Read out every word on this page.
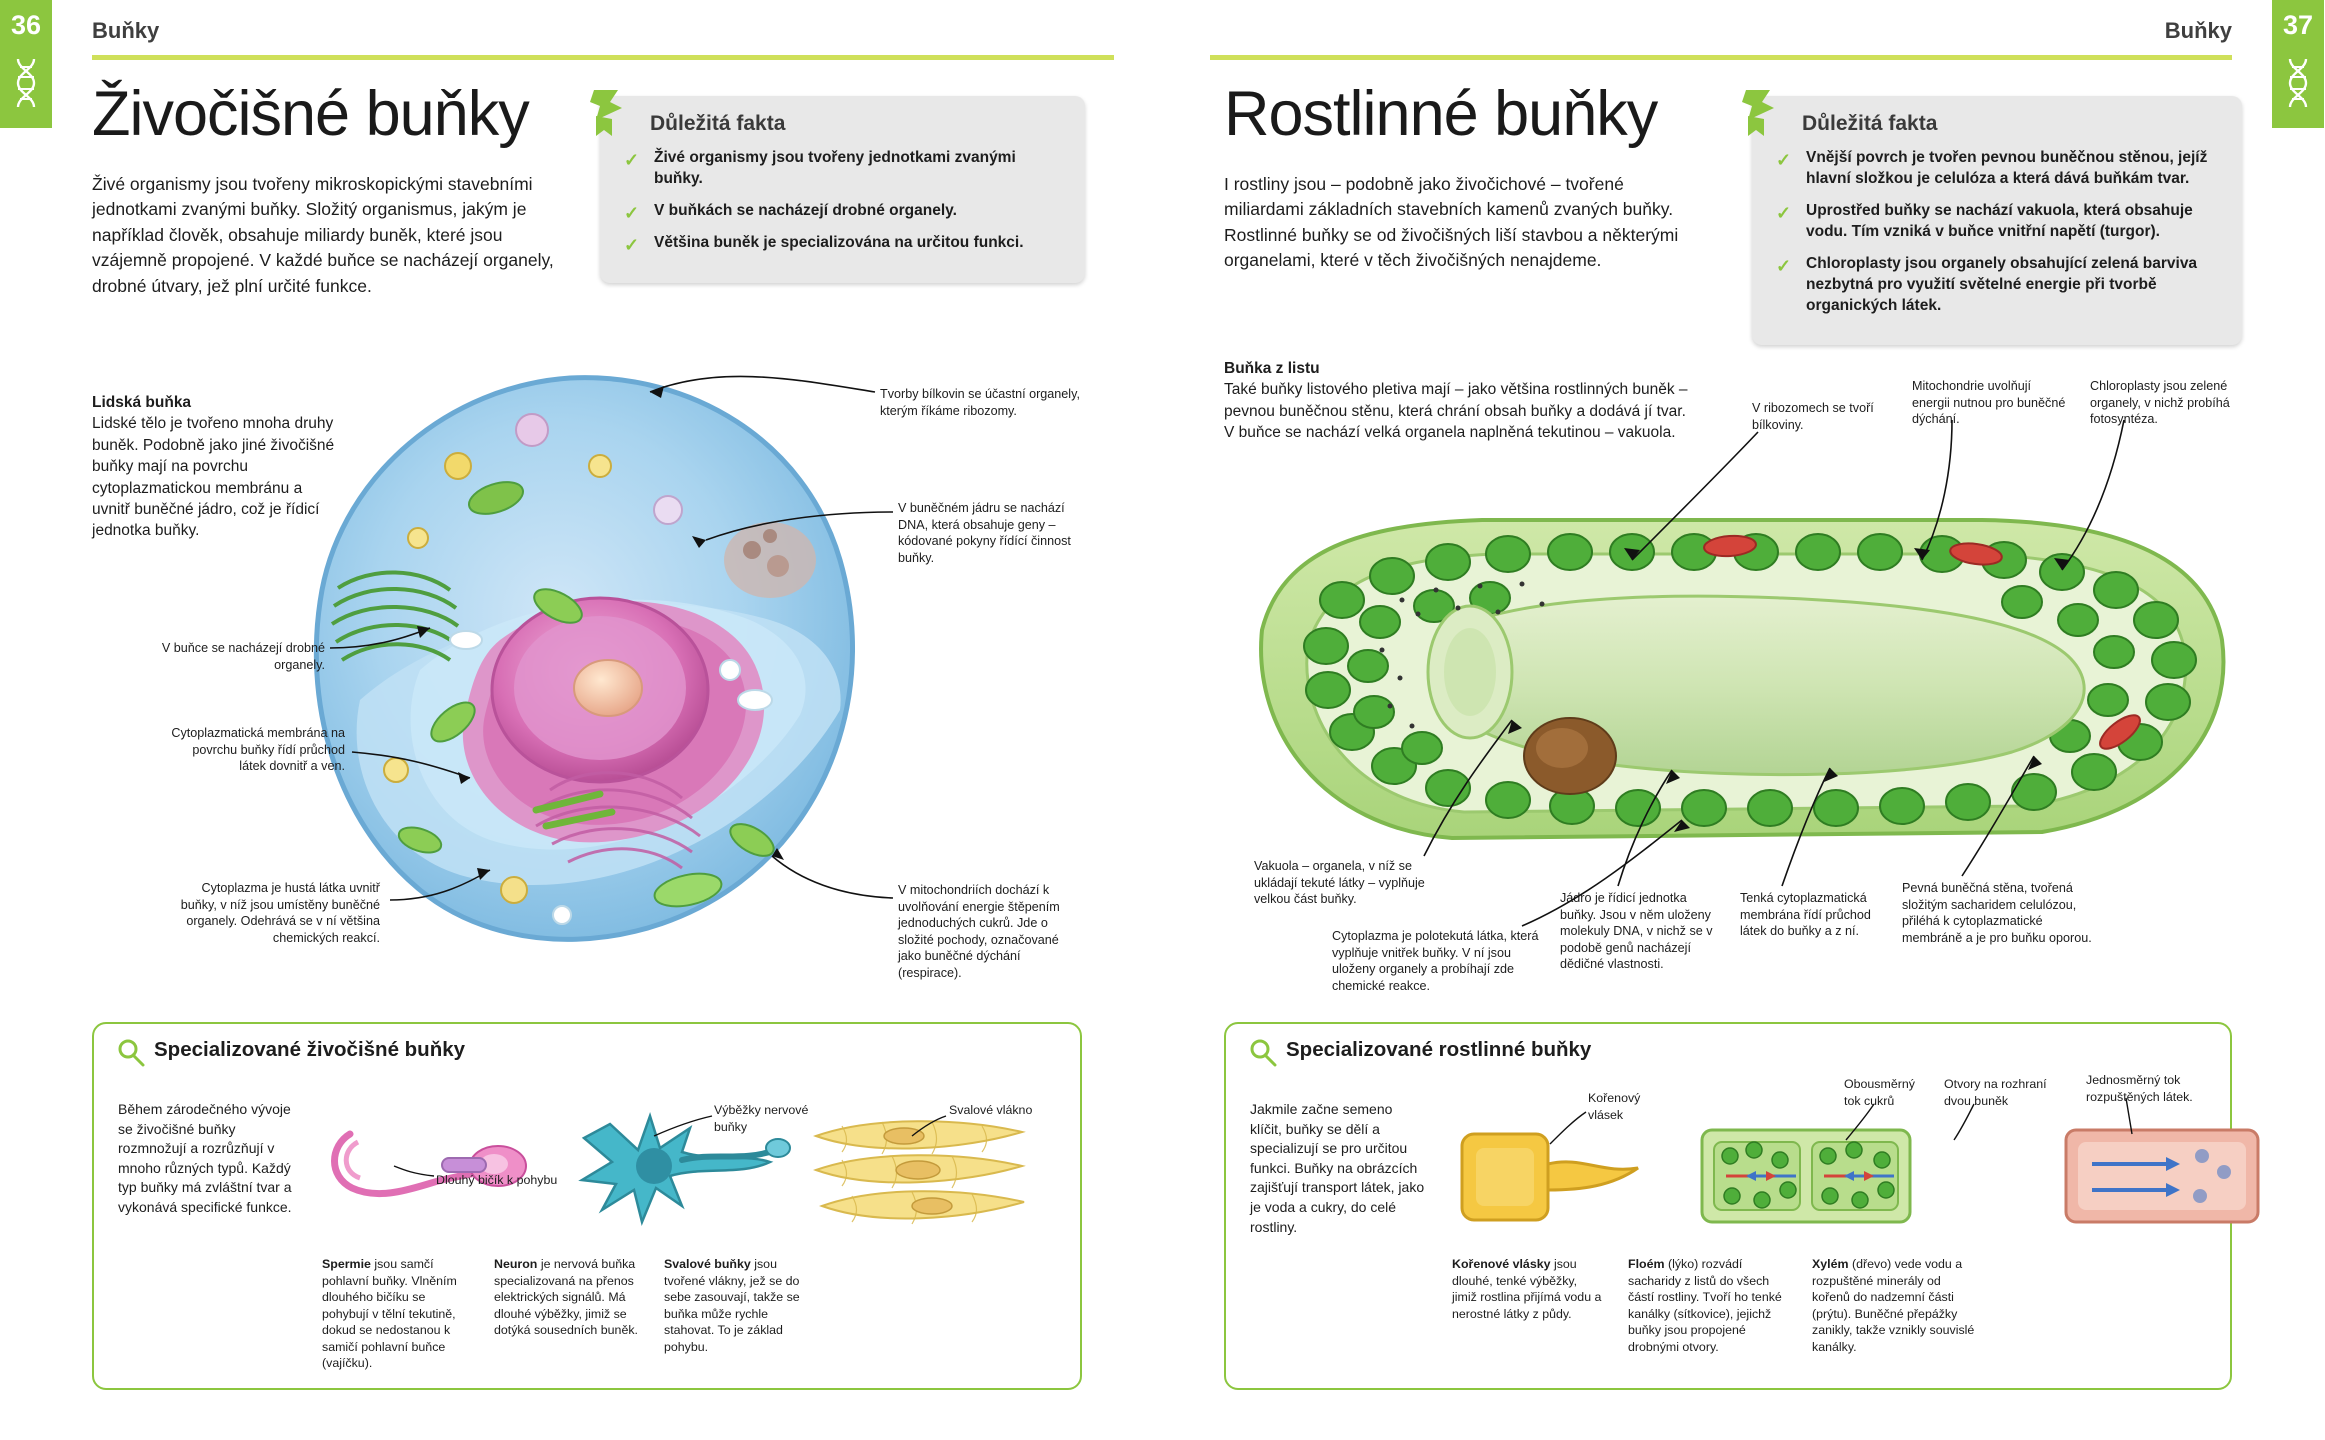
36 Buňky
Živočišné buňky	Důležitá fakta
✓ Živé organismy jsou tvořeny jednotkami zvanými buňky.
✓ V buňkách se nacházejí drobné organely.
✓ Většina buněk je specializována na určitou funkci.
Živé organismy jsou tvořeny mikroskopickými stavebními jednotkami zvanými buňky. Složitý organismus, jakým je například člověk, obsahuje miliardy buněk, které jsou vzájemně propojené. V každé buňce se nacházejí organely, drobné útvary, jež plní určité funkce.
Lidská buňka
Lidské tělo je tvořeno mnoha druhy buněk. Podobně jako jiné živočišné buňky mají na povrchu cytoplazmatickou membránu a uvnitř buněčné jádro, což je řídicí jednotka buňky.
Tvorby bílkovin se účastní organely, kterým říkáme ribozomy.
V buněčném jádru se nachází DNA, která obsahuje geny – kódované pokyny řídící činnost buňky.
V buňce se nacházejí drobné organely.
Cytoplazmatická membrána na povrchu buňky řídí průchod látek dovnitř a ven.
Cytoplazma je hustá látka uvnitř buňky, v níž jsou umístěny buněčné organely. Odehrává se v ní většina chemických reakcí.
V mitochondriích dochází k uvolňování energie štěpením jednoduchých cukrů. Jde o složité pochody, označované jako buněčné dýchání (respirace).
Specializované živočišné buňky

Během zárodečného vývoje se živočišné buňky rozmnožují a rozrůzňují v mnoho různých typů. Každý typ buňky má zvláštní tvar a vykonává specifické funkce.

Dlouhý bičík k pohybu
Výběžky nervové buňky
Svalové vlákno
Spermie jsou samčí pohlavní buňky. Vlněním dlouhého bičíku se pohybují v tělní tekutině, dokud se nedostanou k samičí pohlavní buňce (vajíčku).
Neuron je nervová buňka specializovaná na přenos elektrických signálů. Má dlouhé výběžky, jimiž se dotýká sousedních buněk.
Svalové buňky jsou tvořené vlákny, jež se do sebe zasouvají, takže se buňka může rychle stahovat. To je základ pohybu.
37
Buňky
Rostlinné buňky	Důležitá fakta
✓ Vnější povrch je tvořen pevnou buněčnou stěnou, jejíž hlavní složkou je celulóza a která dává buňkám tvar.
✓ Uprostřed buňky se nachází vakuola, která obsahuje vodu. Tím vzniká v buňce vnitřní napětí (turgor).
✓ Chloroplasty jsou organely obsahující zelená barviva nezbytná pro využití světelné energie při tvorbě organických látek.
I rostliny jsou – podobně jako živočichové – tvořené miliardami základních stavebních kamenů zvaných buňky. Rostlinné buňky se od živočišných liší stavbou a některými organelami, které v těch živočišných nenajdeme.
Buňka z listu
Také buňky listového pletiva mají – jako většina rostlinných buněk – pevnou buněčnou stěnu, která chrání obsah buňky a dodává jí tvar. V buňce se nachází velká organela naplněná tekutinou – vakuola.
V ribozomech se tvoří bílkoviny.
Mitochondrie uvolňují energii nutnou pro buněčné dýchání.
Chloroplasty jsou zelené organely, v nichž probíhá fotosyntéza.
Vakuola – organela, v níž se ukládají tekuté látky – vyplňuje velkou část buňky.
Cytoplazma je polotekutá látka, která vyplňuje vnitřek buňky. V ní jsou uloženy organely a probíhají zde chemické reakce.
Jádro je řídicí jednotka buňky. Jsou v něm uloženy molekuly DNA, v nichž se v podobě genů nacházejí dědičné vlastnosti.
Tenká cytoplazmatická membrána řídí průchod látek do buňky a z ní.
Pevná buněčná stěna, tvořená složitým sacharidem celulózou, přiléhá k cytoplazmatické membráně a je pro buňku oporou.
Specializované rostlinné buňky

Jakmile začne semeno klíčit, buňky se dělí a specializují se pro určitou funkci. Buňky na obrázcích zajišťují transport látek, jako je voda a cukry, do celé rostliny.

Kořenový vlásek
Obousměrný tok cukrů
Otvory na rozhraní dvou buněk
Jednosměrný tok rozpuštěných látek.
Kořenové vlásky jsou dlouhé, tenké výběžky, jimiž rostlina přijímá vodu a nerostné látky z půdy.
Floém (lýko) rozvádí sacharidy z listů do všech částí rostliny. Tvoří ho tenké kanálky (sítkovice), jejichž buňky jsou propojené drobnými otvory.
Xylém (dřevo) vede vodu a rozpuštěné minerály od kořenů do nadzemní části (prýtu). Buněčné přepážky zanikly, takže vznikly souvislé kanálky.
